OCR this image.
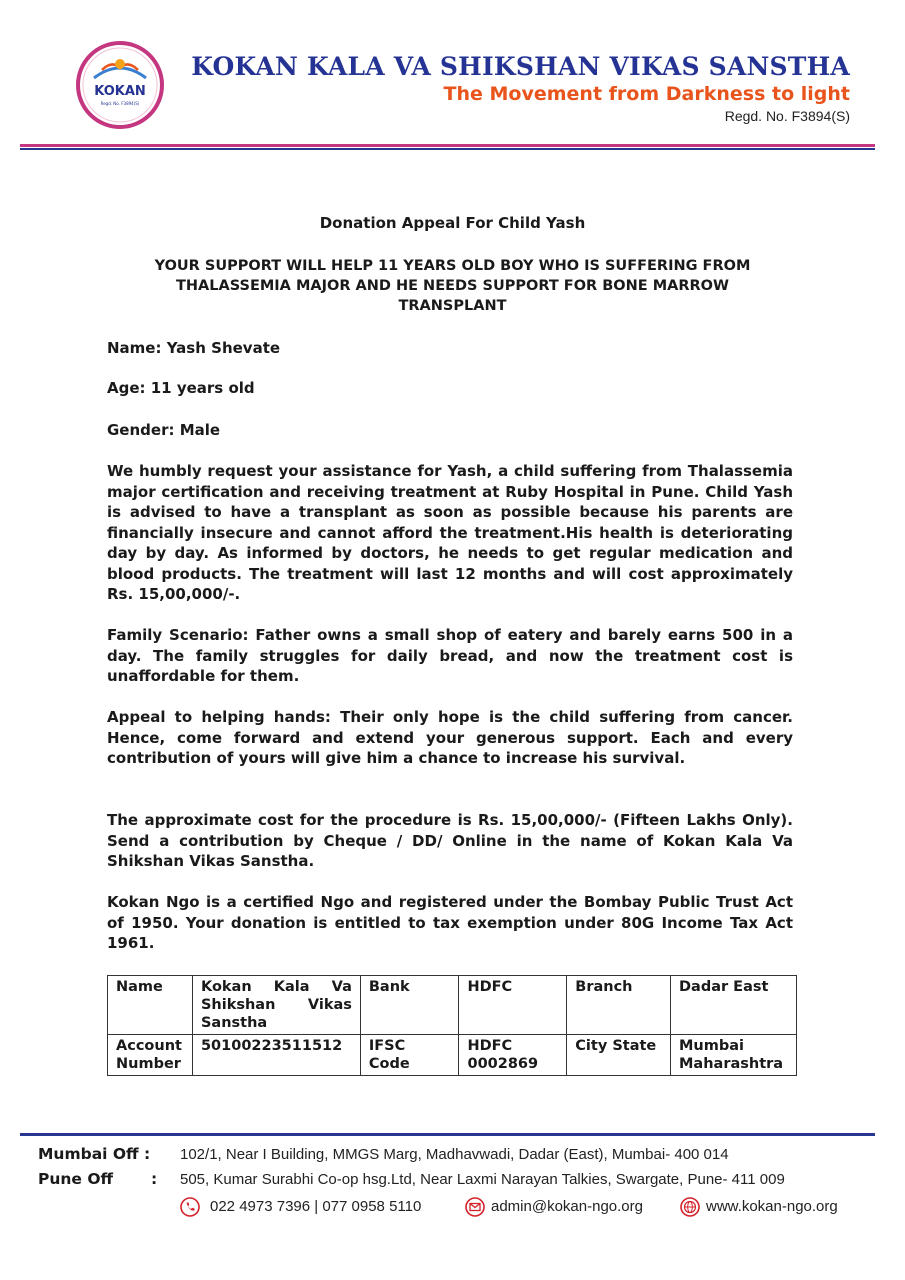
KOKAN
Regd. No. F3894(S)
KOKAN KALA VA SHIKSHAN VIKAS SANSTHA
The Movement from Darkness to light
Regd. No. F3894(S)
Donation Appeal For Child Yash
YOUR SUPPORT WILL HELP 11 YEARS OLD BOY WHO IS SUFFERING FROM THALASSEMIA MAJOR AND HE NEEDS SUPPORT FOR BONE MARROW TRANSPLANT
Name: Yash Shevate
Age: 11 years old
Gender: Male

We humbly request your assistance for Yash, a child suffering from Thalassemia major certification and receiving treatment at Ruby Hospital in Pune. Child Yash is advised to have a transplant as soon as possible because his parents are financially insecure and cannot afford the treatment.His health is deteriorating day by day. As informed by doctors, he needs to get regular medication and blood products. The treatment will last 12 months and will cost approximately Rs. 15,00,000/-.

Family Scenario: Father owns a small shop of eatery and barely earns 500 in a day. The family struggles for daily bread, and now the treatment cost is unaffordable for them.

Appeal to helping hands: Their only hope is the child suffering from cancer. Hence, come forward and extend your generous support. Each and every contribution of yours will give him a chance to increase his survival.

The approximate cost for the procedure is Rs. 15,00,000/- (Fifteen Lakhs Only). Send a contribution by Cheque / DD/ Online in the name of Kokan Kala Va Shikshan Vikas Sanstha.

Kokan Ngo is a certified Ngo and registered under the Bombay Public Trust Act of 1950. Your donation is entitled to tax exemption under 80G Income Tax Act 1961.

Name	Kokan Kala Va Shikshan Vikas Sanstha	Bank	HDFC	Branch	Dadar East
Account Number	50100223511512	IFSC Code	HDFC 0002869	City State	Mumbai Maharashtra
Mumbai Off : 102/1, Near I Building, MMGS Marg, Madhavwadi, Dadar (East), Mumbai- 400 014
Pune Off : 505, Kumar Surabhi Co-op hsg.Ltd, Near Laxmi Narayan Talkies, Swargate, Pune- 411 009
022 4973 7396 | 077 0958 5110	admin@kokan-ngo.org	www.kokan-ngo.org
